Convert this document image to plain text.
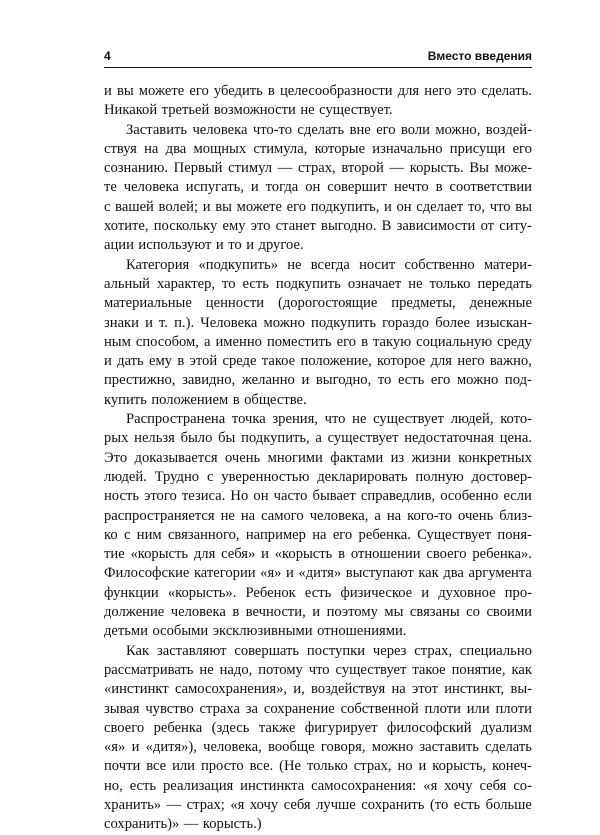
4	Вместо введения
и вы можете его убедить в целесообразности для него это сделать.
Никакой третьей возможности не существует.
Заставить человека что-то сделать вне его воли можно, воздей-
ствуя на два мощных стимула, которые изначально присущи его
сознанию. Первый стимул — страх, второй — корысть. Вы може-
те человека испугать, и тогда он совершит нечто в соответствии
с вашей волей; и вы можете его подкупить, и он сделает то, что вы
хотите, поскольку ему это станет выгодно. В зависимости от ситу-
ации используют и то и другое.
Категория «подкупить» не всегда носит собственно матери-
альный характер, то есть подкупить означает не только передать
материальные ценности (дорогостоящие предметы, денежные
знаки и т. п.). Человека можно подкупить гораздо более изыскан-
ным способом, а именно поместить его в такую социальную среду
и дать ему в этой среде такое положение, которое для него важно,
престижно, завидно, желанно и выгодно, то есть его можно под-
купить положением в обществе.
Распространена точка зрения, что не существует людей, кото-
рых нельзя было бы подкупить, а существует недостаточная цена.
Это доказывается очень многими фактами из жизни конкретных
людей. Трудно с уверенностью декларировать полную достовер-
ность этого тезиса. Но он часто бывает справедлив, особенно если
распространяется не на самого человека, а на кого-то очень близ-
ко с ним связанного, например на его ребенка. Существует поня-
тие «корысть для себя» и «корысть в отношении своего ребенка».
Философские категории «я» и «дитя» выступают как два аргумента
функции «корысть». Ребенок есть физическое и духовное про-
должение человека в вечности, и поэтому мы связаны со своими
детьми особыми эксклюзивными отношениями.
Как заставляют совершать поступки через страх, специально
рассматривать не надо, потому что существует такое понятие, как
«инстинкт самосохранения», и, воздействуя на этот инстинкт, вы-
зывая чувство страха за сохранение собственной плоти или плоти
своего ребенка (здесь также фигурирует философский дуализм
«я» и «дитя»), человека, вообще говоря, можно заставить сделать
почти все или просто все. (Не только страх, но и корысть, конеч-
но, есть реализация инстинкта самосохранения: «я хочу себя со-
хранить» — страх; «я хочу себя лучше сохранить (то есть больше
сохранить)» — корысть.)
